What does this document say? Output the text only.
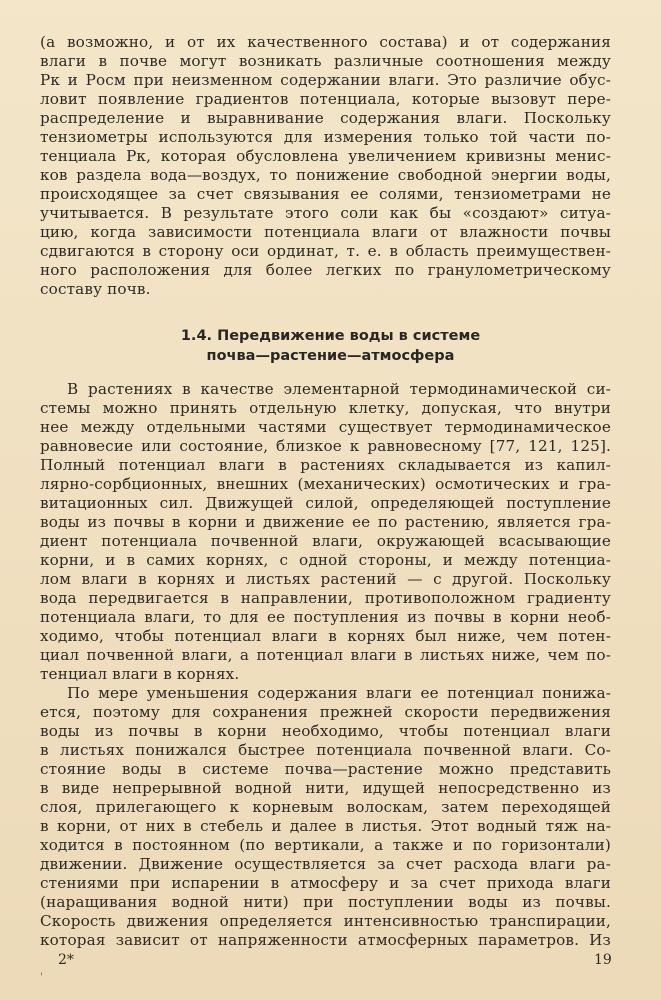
(а возможно, и от их качественного состава) и от содержания
влаги в почве могут возникать различные соотношения между
Pк и Pосм при неизменном содержании влаги. Это различие обус-
ловит появление градиентов потенциала, которые вызовут пере-
распределение и выравнивание содержания влаги. Поскольку
тензиометры используются для измерения только той части по-
тенциала Pк, которая обусловлена увеличением кривизны менис-
ков раздела вода—воздух, то понижение свободной энергии воды,
происходящее за счет связывания ее солями, тензиометрами не
учитывается. В результате этого соли как бы «создают» ситуа-
цию, когда зависимости потенциала влаги от влажности почвы
сдвигаются в сторону оси ординат, т. е. в область преимуществен-
ного расположения для более легких по гранулометрическому
составу почв.
1.4. Передвижение воды в системе
почва—растение—атмосфера
В растениях в качестве элементарной термодинамической си-
стемы можно принять отдельную клетку, допуская, что внутри
нее между отдельными частями существует термодинамическое
равновесие или состояние, близкое к равновесному [77, 121, 125].
Полный потенциал влаги в растениях складывается из капил-
лярно-сорбционных, внешних (механических) осмотических и гра-
витационных сил. Движущей силой, определяющей поступление
воды из почвы в корни и движение ее по растению, является гра-
диент потенциала почвенной влаги, окружающей всасывающие
корни, и в самих корнях, с одной стороны, и между потенциа-
лом влаги в корнях и листьях растений — с другой. Поскольку
вода передвигается в направлении, противоположном градиенту
потенциала влаги, то для ее поступления из почвы в корни необ-
ходимо, чтобы потенциал влаги в корнях был ниже, чем потен-
циал почвенной влаги, а потенциал влаги в листьях ниже, чем по-
тенциал влаги в корнях.
По мере уменьшения содержания влаги ее потенциал понижа-
ется, поэтому для сохранения прежней скорости передвижения
воды из почвы в корни необходимо, чтобы потенциал влаги
в листьях понижался быстрее потенциала почвенной влаги. Со-
стояние воды в системе почва—растение можно представить
в виде непрерывной водной нити, идущей непосредственно из
слоя, прилегающего к корневым волоскам, затем переходящей
в корни, от них в стебель и далее в листья. Этот водный тяж на-
ходится в постоянном (по вертикали, а также и по горизонтали)
движении. Движение осуществляется за счет расхода влаги ра-
стениями при испарении в атмосферу и за счет прихода влаги
(наращивания водной нити) при поступлении воды из почвы.
Скорость движения определяется интенсивностью транспирации,
которая зависит от напряженности атмосферных параметров. Из
2*	19
'
